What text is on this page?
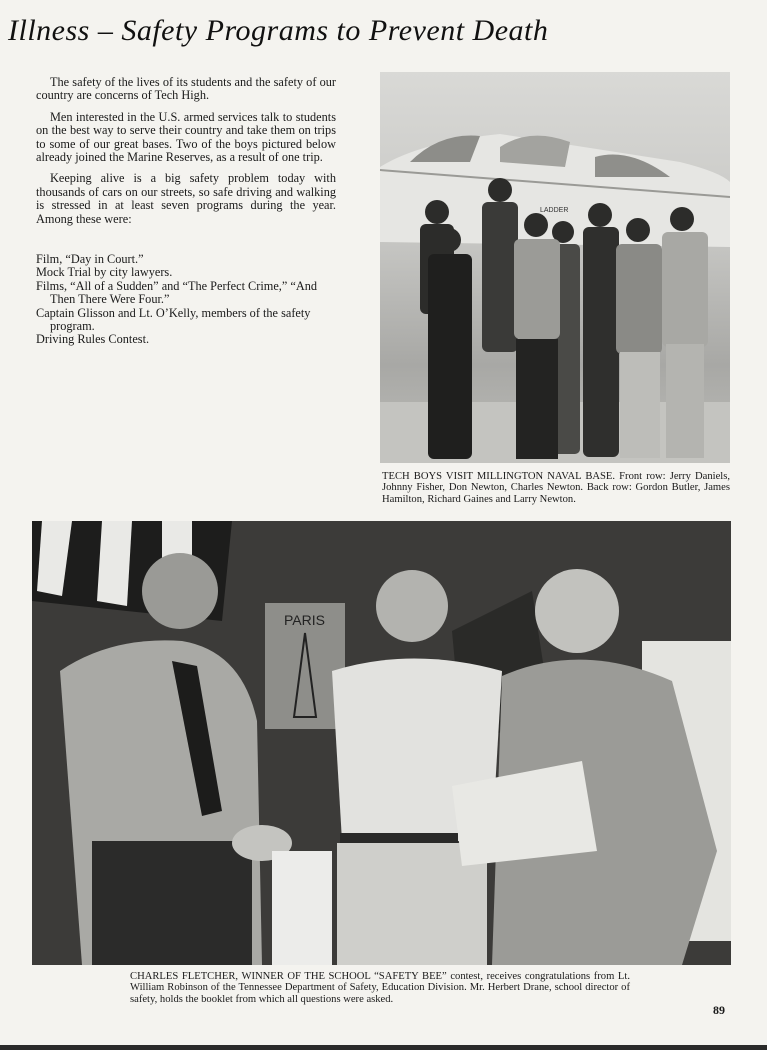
Illness – Safety Programs to Prevent Death

The safety of the lives of its students and the safety of our country are concerns of Tech High.

Men interested in the U.S. armed services talk to students on the best way to serve their country and take them on trips to some of our great bases. Two of the boys pictured below already joined the Marine Reserves, as a result of one trip.

Keeping alive is a big safety problem today with thousands of cars on our streets, so safe driving and walking is stressed in at least seven programs during the year. Among these were:

Film, “Day in Court.”
Mock Trial by city lawyers.
Films, “All of a Sudden” and “The Perfect Crime,” “And Then There Were Four.”
Captain Glisson and Lt. O’Kelly, members of the safety program.
Driving Rules Contest.
LADDER
TECH BOYS VISIT MILLINGTON NAVAL BASE. Front row: Jerry Daniels, Johnny Fisher, Don Newton, Charles Newton. Back row: Gordon Butler, James Hamilton, Richard Gaines and Larry Newton.
PARIS
CHARLES FLETCHER, WINNER OF THE SCHOOL “SAFETY BEE” contest, receives congratulations from Lt. William Robinson of the Tennessee Department of Safety, Education Division. Mr. Herbert Drane, school director of safety, holds the booklet from which all questions were asked.
89
